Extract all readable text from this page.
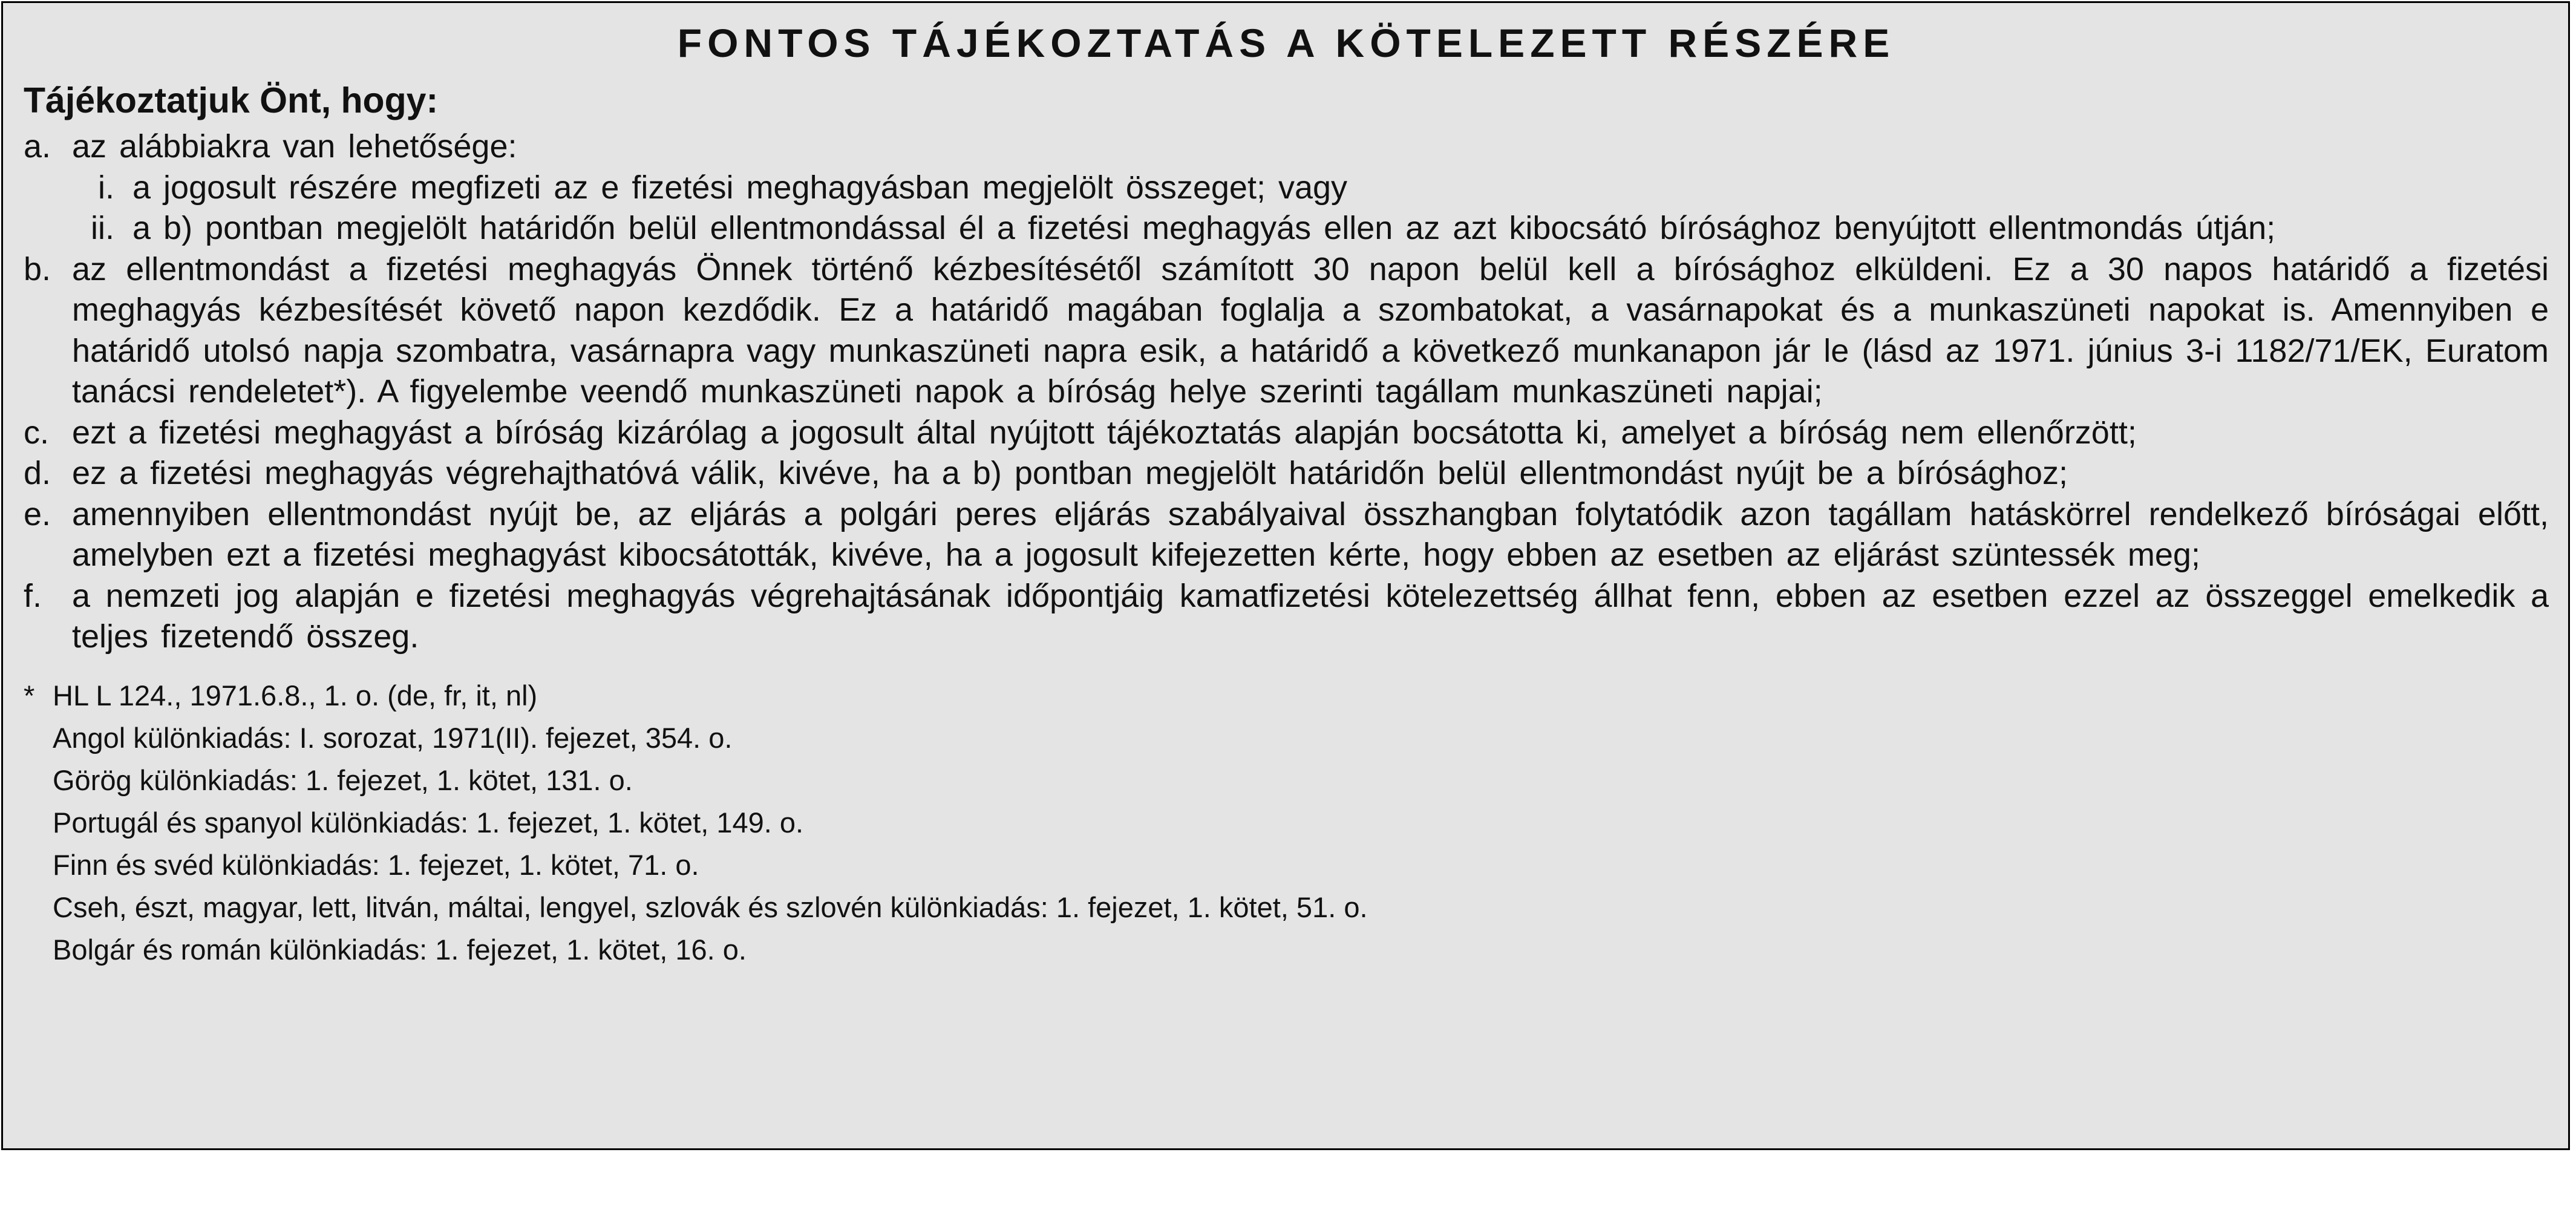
FONTOS TÁJÉKOZTATÁS A KÖTELEZETT RÉSZÉRE
Tájékoztatjuk Önt, hogy:
a. az alábbiakra van lehetősége:
i. a jogosult részére megfizeti az e fizetési meghagyásban megjelölt összeget; vagy
ii. a b) pontban megjelölt határidőn belül ellentmondással él a fizetési meghagyás ellen az azt kibocsátó bírósághoz benyújtott ellentmondás útján;
b. az ellentmondást a fizetési meghagyás Önnek történő kézbesítésétől számított 30 napon belül kell a bírósághoz elküldeni. Ez a 30 napos határidő a fizetési meghagyás kézbesítését követő napon kezdődik. Ez a határidő magában foglalja a szombatokat, a vasárnapokat és a munkaszüneti napokat is. Amennyiben e határidő utolsó napja szombatra, vasárnapra vagy munkaszüneti napra esik, a határidő a következő munkanapon jár le (lásd az 1971. június 3-i 1182/71/EK, Euratom tanácsi rendeletet*). A figyelembe veendő munkaszüneti napok a bíróság helye szerinti tagállam munkaszüneti napjai;
c. ezt a fizetési meghagyást a bíróság kizárólag a jogosult által nyújtott tájékoztatás alapján bocsátotta ki, amelyet a bíróság nem ellenőrzött;
d. ez a fizetési meghagyás végrehajthatóvá válik, kivéve, ha a b) pontban megjelölt határidőn belül ellentmondást nyújt be a bírósághoz;
e. amennyiben ellentmondást nyújt be, az eljárás a polgári peres eljárás szabályaival összhangban folytatódik azon tagállam hatáskörrel rendelkező bíróságai előtt, amelyben ezt a fizetési meghagyást kibocsátották, kivéve, ha a jogosult kifejezetten kérte, hogy ebben az esetben az eljárást szüntessék meg;
f. a nemzeti jog alapján e fizetési meghagyás végrehajtásának időpontjáig kamatfizetési kötelezettség állhat fenn, ebben az esetben ezzel az összeggel emelkedik a teljes fizetendő összeg.
* HL L 124., 1971.6.8., 1. o. (de, fr, it, nl)
Angol különkiadás: I. sorozat, 1971(II). fejezet, 354. o.
Görög különkiadás: 1. fejezet, 1. kötet, 131. o.
Portugál és spanyol különkiadás: 1. fejezet, 1. kötet, 149. o.
Finn és svéd különkiadás: 1. fejezet, 1. kötet, 71. o.
Cseh, észt, magyar, lett, litván, máltai, lengyel, szlovák és szlovén különkiadás: 1. fejezet, 1. kötet, 51. o.
Bolgár és román különkiadás: 1. fejezet, 1. kötet, 16. o.
